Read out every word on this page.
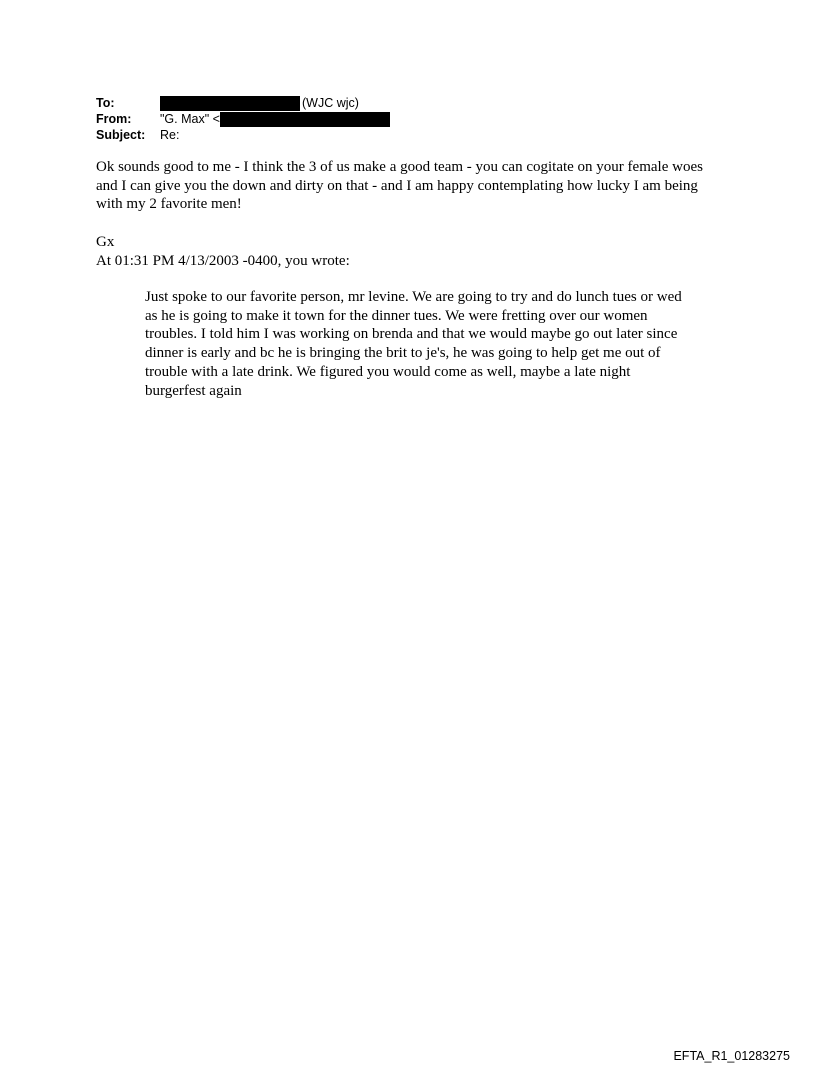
To:	(WJC wjc)
From:	"G. Max" <
Subject:	Re:

Ok sounds good to me - I think the 3 of us make a good team - you can cogitate on your female woes and I can give you the down and dirty on that - and I am happy contemplating how lucky I am being with my 2 favorite men!

Gx
At 01:31 PM 4/13/2003 -0400, you wrote:

Just spoke to our favorite person, mr levine. We are going to try and do lunch tues or wed as he is going to make it town for the dinner tues. We were fretting over our women troubles. I told him I was working on brenda and that we would maybe go out later since dinner is early and bc he is bringing the brit to je's, he was going to help get me out of trouble with a late drink. We figured you would come as well, maybe a late night burgerfest again

EFTA_R1_01283275
